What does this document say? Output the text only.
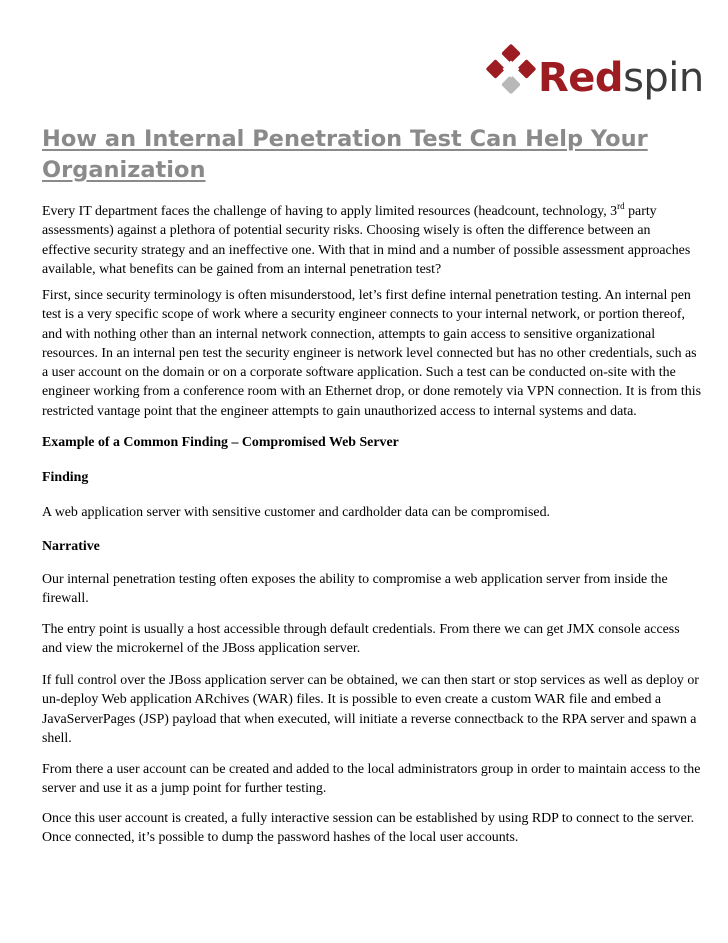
Redspin
How an Internal Penetration Test Can Help Your Organization

Every IT department faces the challenge of having to apply limited resources (headcount, technology, 3rd party assessments) against a plethora of potential security risks. Choosing wisely is often the difference between an effective security strategy and an ineffective one. With that in mind and a number of possible assessment approaches available, what benefits can be gained from an internal penetration test?

First, since security terminology is often misunderstood, let’s first define internal penetration testing. An internal pen test is a very specific scope of work where a security engineer connects to your internal network, or portion thereof, and with nothing other than an internal network connection, attempts to gain access to sensitive organizational resources. In an internal pen test the security engineer is network level connected but has no other credentials, such as a user account on the domain or on a corporate software application. Such a test can be conducted on-site with the engineer working from a conference room with an Ethernet drop, or done remotely via VPN connection. It is from this restricted vantage point that the engineer attempts to gain unauthorized access to internal systems and data.

Example of a Common Finding – Compromised Web Server

Finding

A web application server with sensitive customer and cardholder data can be compromised.

Narrative

Our internal penetration testing often exposes the ability to compromise a web application server from inside the firewall.

The entry point is usually a host accessible through default credentials. From there we can get JMX console access and view the microkernel of the JBoss application server.

If full control over the JBoss application server can be obtained, we can then start or stop services as well as deploy or un-deploy Web application ARchives (WAR) files. It is possible to even create a custom WAR file and embed a JavaServerPages (JSP) payload that when executed, will initiate a reverse connectback to the RPA server and spawn a shell.

From there a user account can be created and added to the local administrators group in order to maintain access to the server and use it as a jump point for further testing.

Once this user account is created, a fully interactive session can be established by using RDP to connect to the server. Once connected, it’s possible to dump the password hashes of the local user accounts.
